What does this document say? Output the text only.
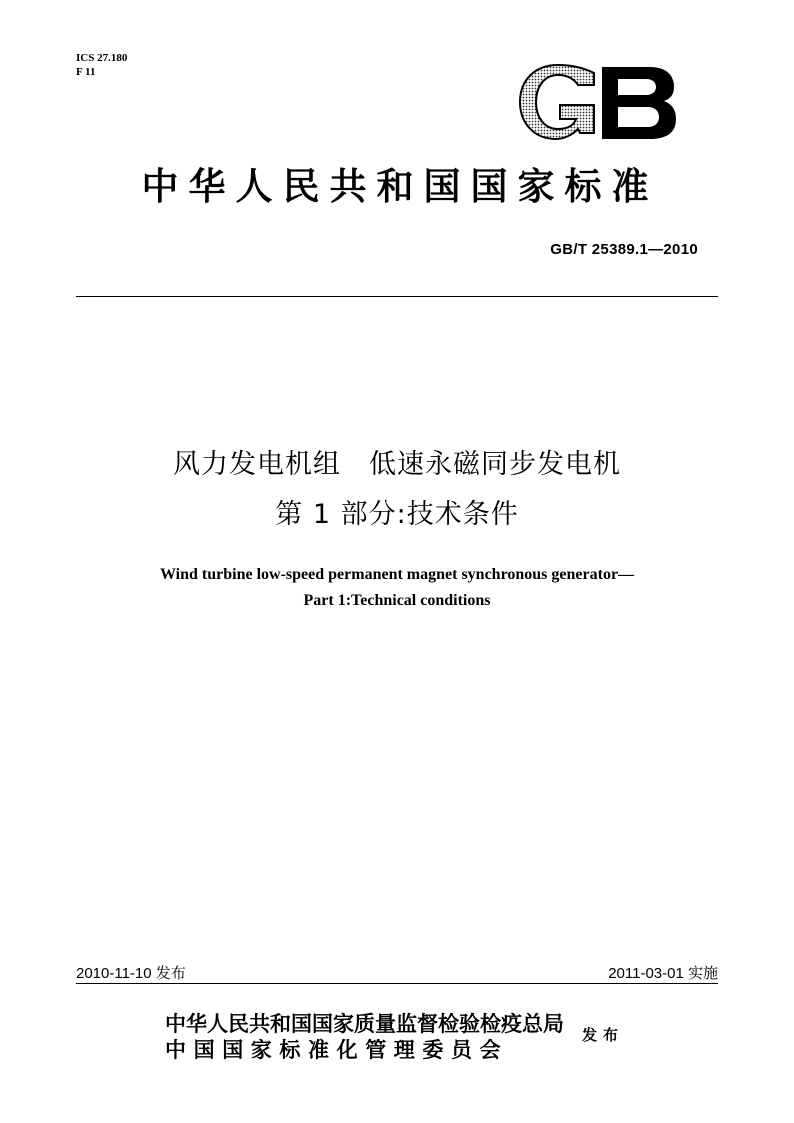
ICS 27.180
F 11
中华人民共和国国家标准
GB/T 25389.1—2010
风力发电机组　低速永磁同步发电机
第 1 部分:技术条件
Wind turbine low-speed permanent magnet synchronous generator—
Part 1:Technical conditions
2010-11-10 发布	2011-03-01 实施
中华人民共和国国家质量监督检验检疫总局
中国国家标准化管理委员会
发布
